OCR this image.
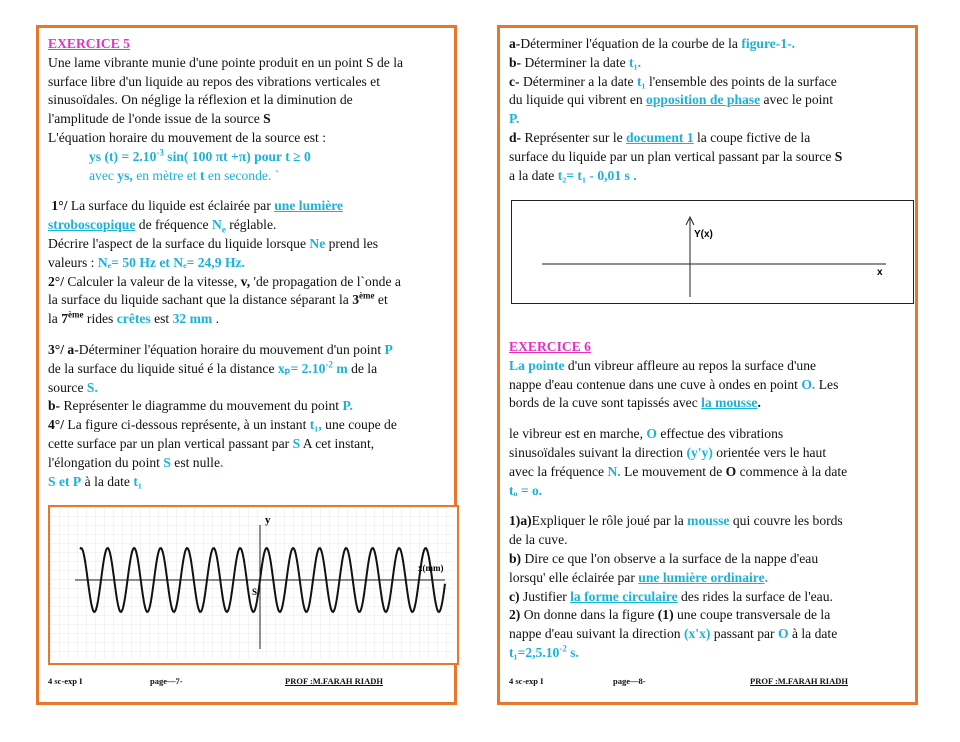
EXERCICE 5

Une lame vibrante munie d'une pointe produit en un point S de la

surface libre d'un liquide au repos des vibrations verticales et

sinusoïdales. On néglige la réflexion et la diminution de

l'amplitude de l'onde issue de la source S

L'équation horaire du mouvement de la source est :

ys $(t) = 2.10^{-3}$ sin( 100 πt +π) pour t ≥ 0

avec ys, en mètre et t en seconde. `

1°/ La surface du liquide est éclairée par une lumière

stroboscopique de fréquence $N_e$ réglable.

Décrire l'aspect de la surface du liquide lorsque Ne prend les

valeurs : Nₑ= 50 Hz et Nₑ= 24,9 Hz.

2°/ Calculer la valeur de la vitesse, v, 'de propagation de l`onde a

la surface du liquide sachant que la distance séparant la 3ème et

la 7ème rides crêtes est 32 mm .

3°/ a-Déterminer l'équation horaire du mouvement d'un point P

de la surface du liquide situé é la distance $x_p= 2.10^{-2}$ m de la

source S.

b- Représenter le diagramme du mouvement du point P.

4°/ La figure ci-dessous représente, à un instant t₁, une coupe de

cette surface par un plan vertical passant par S A cet instant,

l'élongation du point S est nulle.

S et P à la date t₁

y
x(mm)
S
4 sc-exp I	page—7-	PROF :M.FARAH RIADH

a-Déterminer l'équation de la courbe de la figure-1-.

b- Déterminer la date t₁.

c- Déterminer a la date t₁ l'ensemble des points de la surface

du liquide qui vibrent en opposition de phase avec le point

P.

d- Représenter sur le document 1 la coupe fictive de la

surface du liquide par un plan vertical passant par la source S

a la date t₂= t₁ - 0,01 s .

Y(x)
x

EXERCICE 6

La pointe d'un vibreur affleure au repos la surface d'une

nappe d'eau contenue dans une cuve à ondes en point O. Les

bords de la cuve sont tapissés avec la mousse.

le vibreur est en marche, O effectue des vibrations

sinusoïdales suivant la direction (y'y) orientée vers le haut

avec la fréquence N. Le mouvement de O commence à la date

tₒ = o.

1)a)Expliquer le rôle joué par la mousse qui couvre les bords

de la cuve.

b) Dire ce que l'on observe a la surface de la nappe d'eau

lorsqu' elle éclairée par une lumière ordinaire.

c) Justifier la forme circulaire des rides la surface de l'eau.

2) On donne dans la figure (1) une coupe transversale de la

nappe d'eau suivant la direction (x'x) passant par O à la date

$t_1=2,5.10^{-2}$ s.

4 sc-exp I	page—8-	PROF :M.FARAH RIADH
